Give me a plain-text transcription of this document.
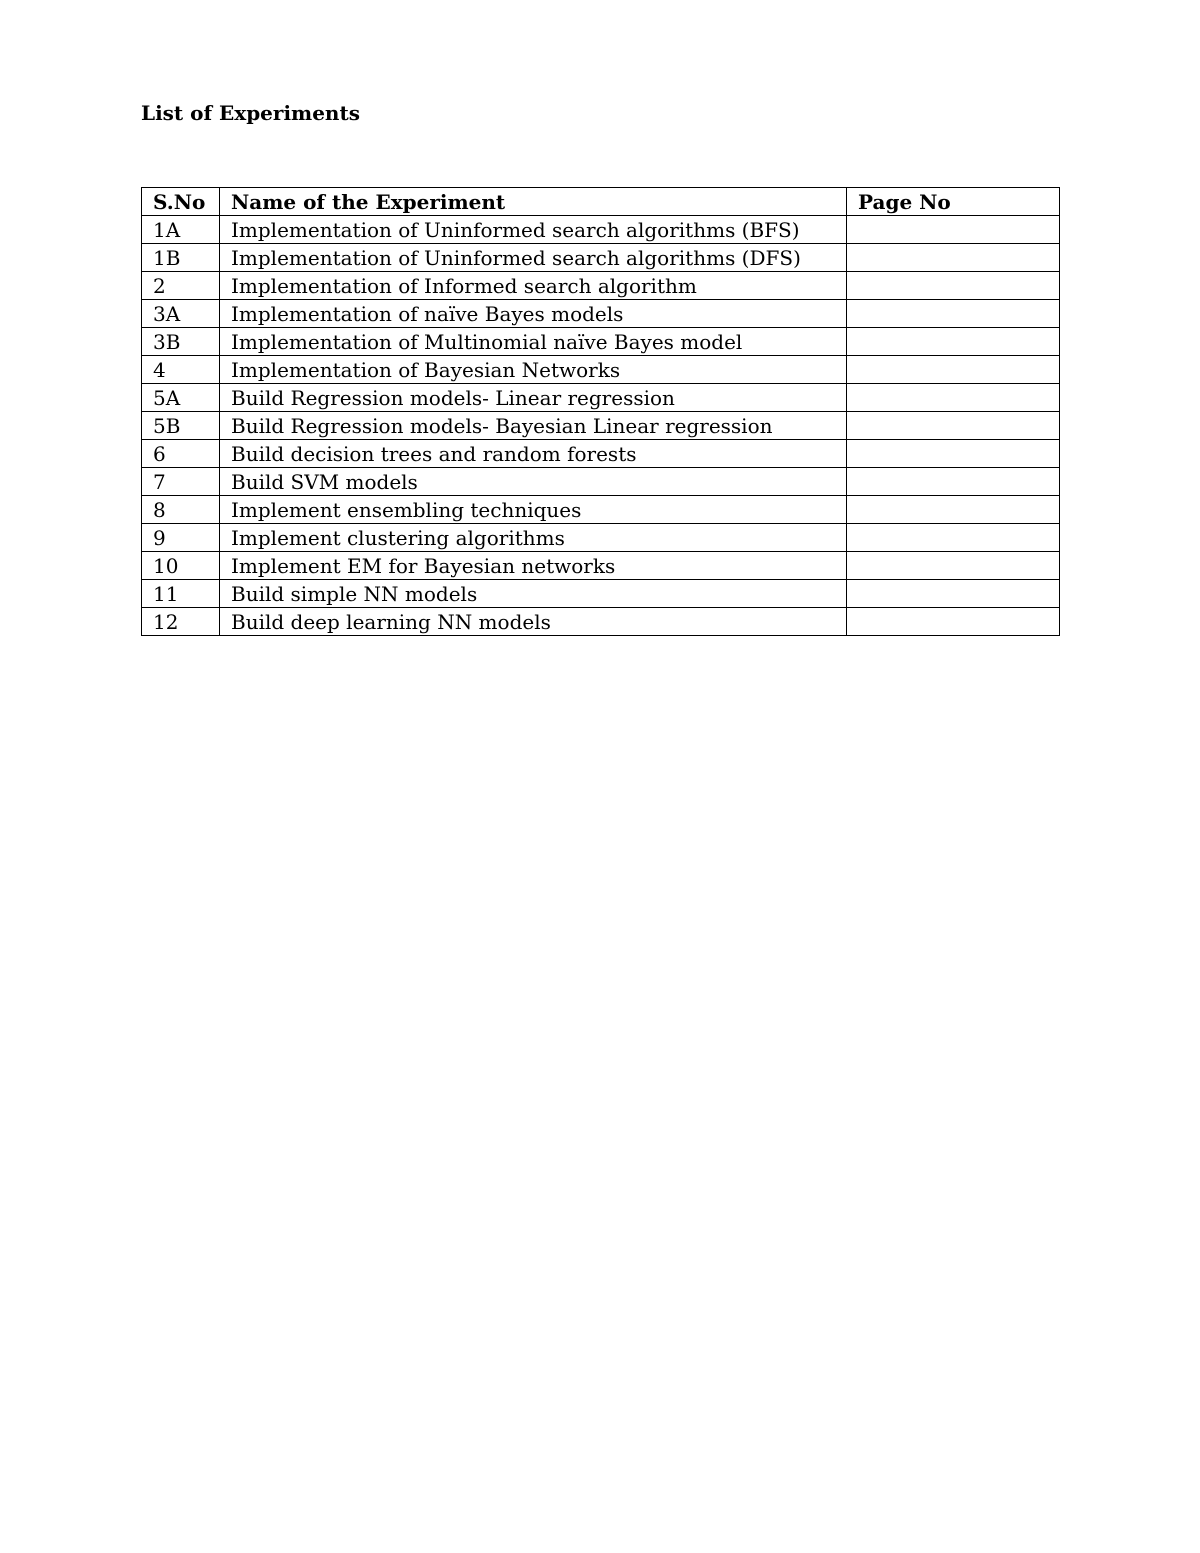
List of Experiments
S.No	Name of the Experiment	Page No
1A	Implementation of Uninformed search algorithms (BFS)	
1B	Implementation of Uninformed search algorithms (DFS)	
2	Implementation of Informed search algorithm	
3A	Implementation of naïve Bayes models	
3B	Implementation of Multinomial naïve Bayes model	
4	Implementation of Bayesian Networks	
5A	Build Regression models- Linear regression	
5B	Build Regression models- Bayesian Linear regression	
6	Build decision trees and random forests	
7	Build SVM models	
8	Implement ensembling techniques	
9	Implement clustering algorithms	
10	Implement EM for Bayesian networks	
11	Build simple NN models	
12	Build deep learning NN models	
